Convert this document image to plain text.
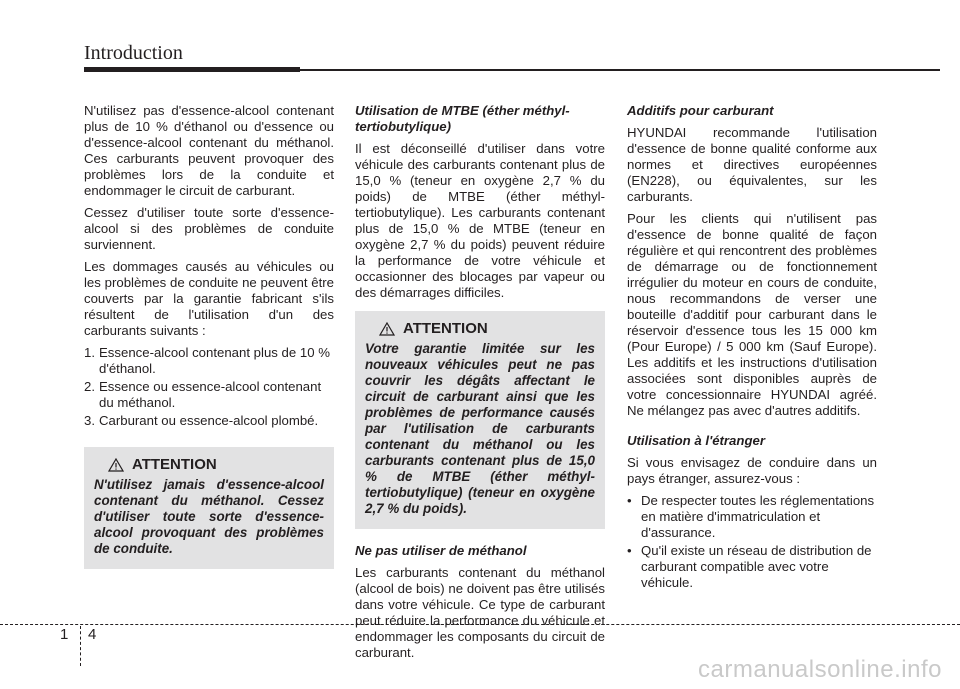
Introduction

N'utilisez pas d'essence-alcool contenant plus de 10 % d'éthanol ou d'essence ou d'essence-alcool contenant du méthanol. Ces carburants peuvent provoquer des problèmes lors de la conduite et endommager le circuit de carburant.

Cessez d'utiliser toute sorte d'essence-alcool si des problèmes de conduite surviennent.

Les dommages causés au véhicules ou les problèmes de conduite ne peuvent être couverts par la garantie fabricant s'ils résultent de l'utilisation d'un des carburants suivants :

1. Essence-alcool contenant plus de 10 % d'éthanol.
2. Essence ou essence-alcool contenant du méthanol.
3. Carburant ou essence-alcool plombé.
ATTENTION
N'utilisez jamais d'essence-alcool contenant du méthanol. Cessez d'utiliser toute sorte d'essence-alcool provoquant des problèmes de conduite.
Utilisation de MTBE (éther méthyl-tertiobutylique)

Il est déconseillé d'utiliser dans votre véhicule des carburants contenant plus de 15,0 % (teneur en oxygène 2,7 % du poids) de MTBE (éther méthyl-tertiobutylique). Les carburants contenant plus de 15,0 % de MTBE (teneur en oxygène 2,7 % du poids) peuvent réduire la performance de votre véhicule et occasionner des blocages par vapeur ou des démarrages difficiles.

ATTENTION
Votre garantie limitée sur les nouveaux véhicules peut ne pas couvrir les dégâts affectant le circuit de carburant ainsi que les problèmes de performance causés par l'utilisation de carburants contenant du méthanol ou les carburants contenant plus de 15,0 % de MTBE (éther méthyl- tertiobutylique) (teneur en oxygène 2,7 % du poids).
Ne pas utiliser de méthanol

Les carburants contenant du méthanol (alcool de bois) ne doivent pas être utilisés dans votre véhicule. Ce type de carburant peut réduire la performance du véhicule et endommager les composants du circuit de carburant.

Additifs pour carburant

HYUNDAI recommande l'utilisation d'essence de bonne qualité conforme aux normes et directives européennes (EN228), ou équivalentes, sur les carburants.

Pour les clients qui n'utilisent pas d'essence de bonne qualité de façon régulière et qui rencontrent des problèmes de démarrage ou de fonctionnement irrégulier du moteur en cours de conduite, nous recommandons de verser une bouteille d'additif pour carburant dans le réservoir d'essence tous les 15 000 km (Pour Europe) / 5 000 km (Sauf Europe). Les additifs et les instructions d'utilisation associées sont disponibles auprès de votre concessionnaire HYUNDAI agréé. Ne mélangez pas avec d'autres additifs.

Utilisation à l'étranger

Si vous envisagez de conduire dans un pays étranger, assurez-vous :

• De respecter toutes les réglementations en matière d'immatriculation et d'assurance.
• Qu'il existe un réseau de distribution de carburant compatible avec votre véhicule.
1 4
carmanualsonline.info
